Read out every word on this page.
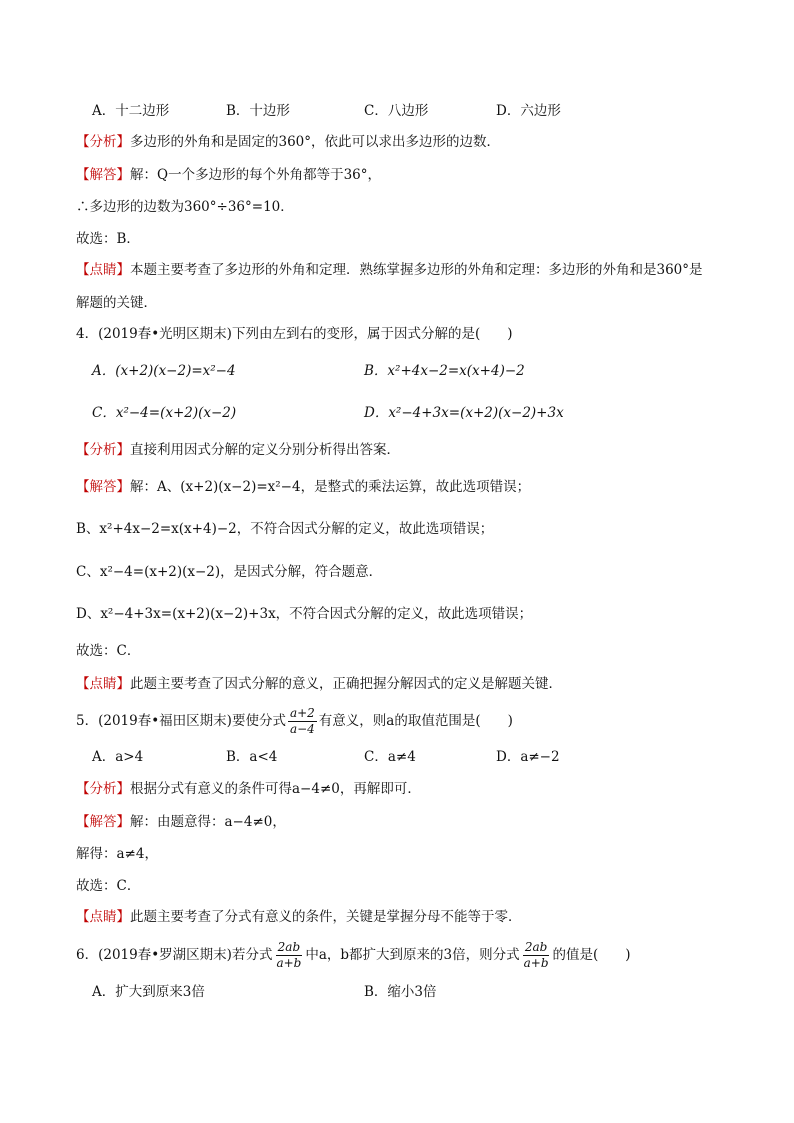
A．十二边形	B．十边形	C．八边形	D．六边形
【分析】多边形的外角和是固定的360°，依此可以求出多边形的边数．
【解答】解：Q一个多边形的每个外角都等于36°，
∴多边形的边数为360°÷36°=10．
故选：B．
【点睛】本题主要考查了多边形的外角和定理．熟练掌握多边形的外角和定理：多边形的外角和是360°是
解题的关键．
4．(2019春•光明区期末)下列由左到右的变形，属于因式分解的是(　　)
A．(x+2)(x−2)=x²−4	B．x²+4x−2=x(x+4)−2
C．x²−4=(x+2)(x−2)	D．x²−4+3x=(x+2)(x−2)+3x
【分析】直接利用因式分解的定义分别分析得出答案．
【解答】解：A、(x+2)(x−2)=x²−4，是整式的乘法运算，故此选项错误；
B、x²+4x−2=x(x+4)−2，不符合因式分解的定义，故此选项错误；
C、x²−4=(x+2)(x−2)，是因式分解，符合题意．
D、x²−4+3x=(x+2)(x−2)+3x，不符合因式分解的定义，故此选项错误；
故选：C．
【点睛】此题主要考查了因式分解的意义，正确把握分解因式的定义是解题关键．
5．(2019春•福田区期末)要使分式 $\frac{a+2}{a-4}$ 有意义，则a的取值范围是(　　)
A．a>4	B．a<4	C．a≠4	D．a≠−2
【分析】根据分式有意义的条件可得a−4≠0，再解即可．
【解答】解：由题意得：a−4≠0，
解得：a≠4，
故选：C．
【点睛】此题主要考查了分式有意义的条件，关键是掌握分母不能等于零．
6．(2019春•罗湖区期末)若分式 $\frac{2ab}{a+b}$ 中a，b都扩大到原来的3倍，则分式 $\frac{2ab}{a+b}$ 的值是(　　)
A．扩大到原来3倍	B．缩小3倍
